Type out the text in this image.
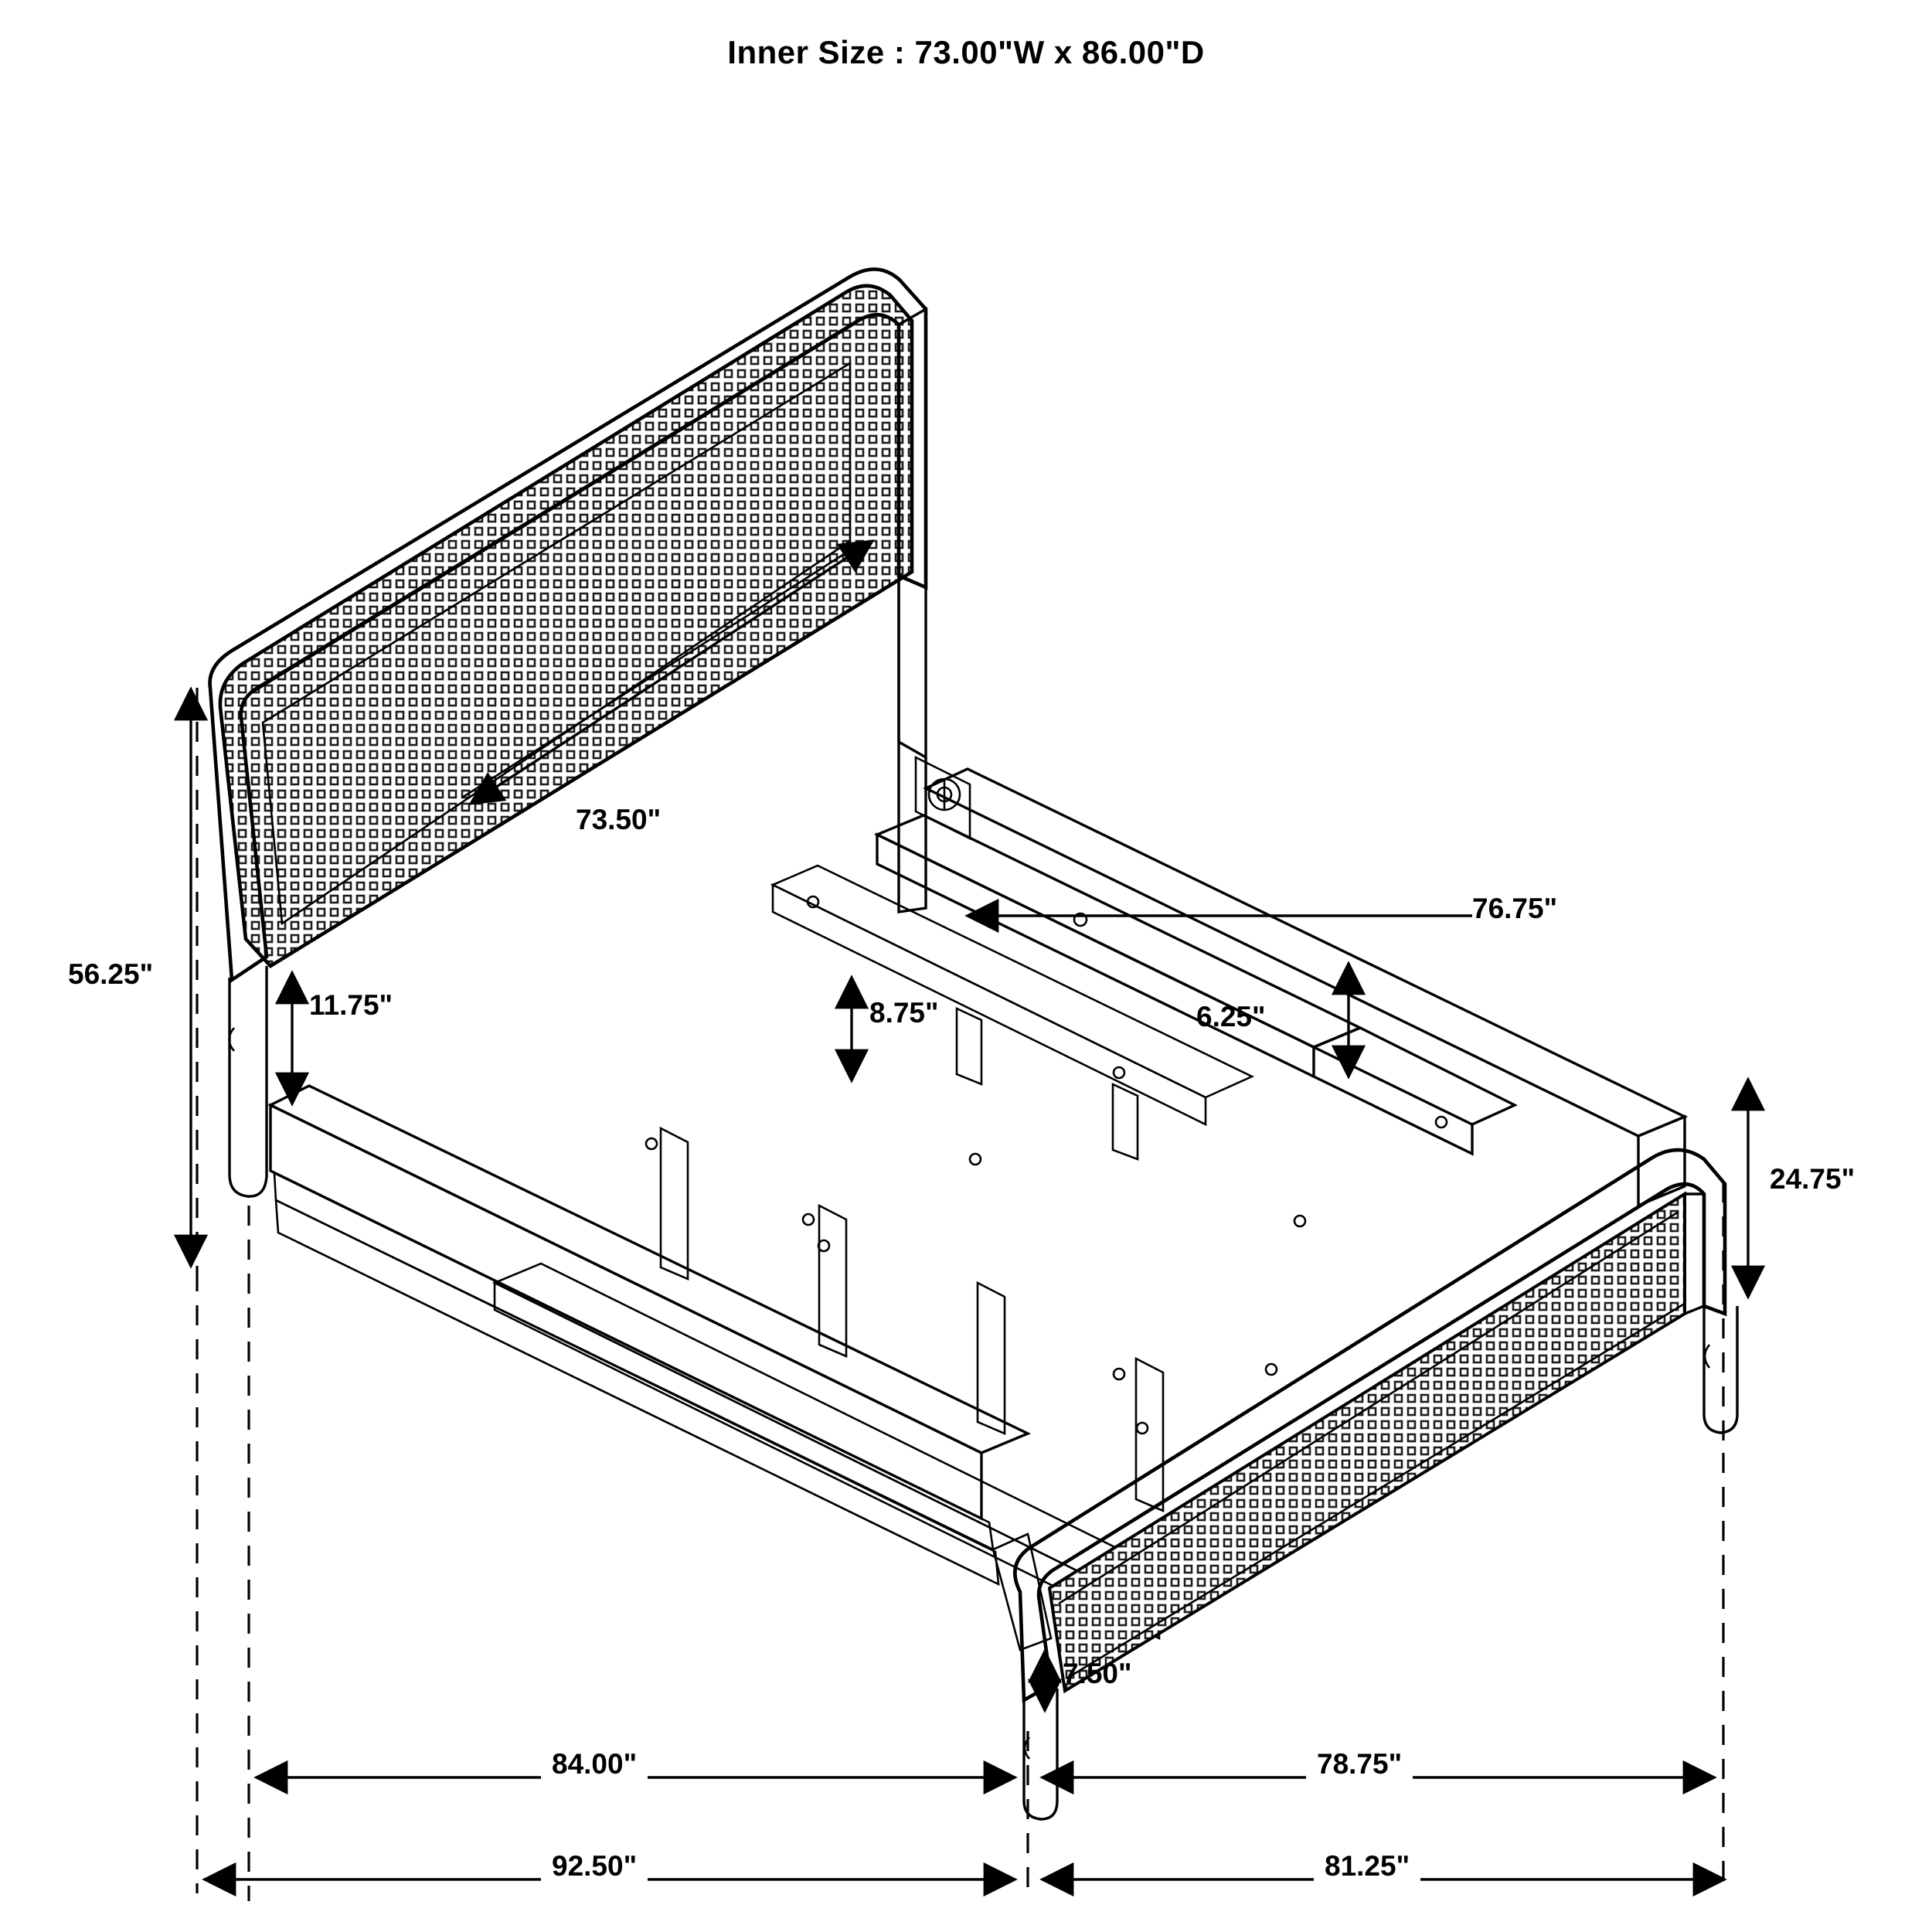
Inner Size : 73.00"W x 86.00"D
56.25"
73.50"
76.75"
11.75"	8.75"	6.25"
24.75"
7.50"
84.00"	78.75"
92.50"	81.25"
